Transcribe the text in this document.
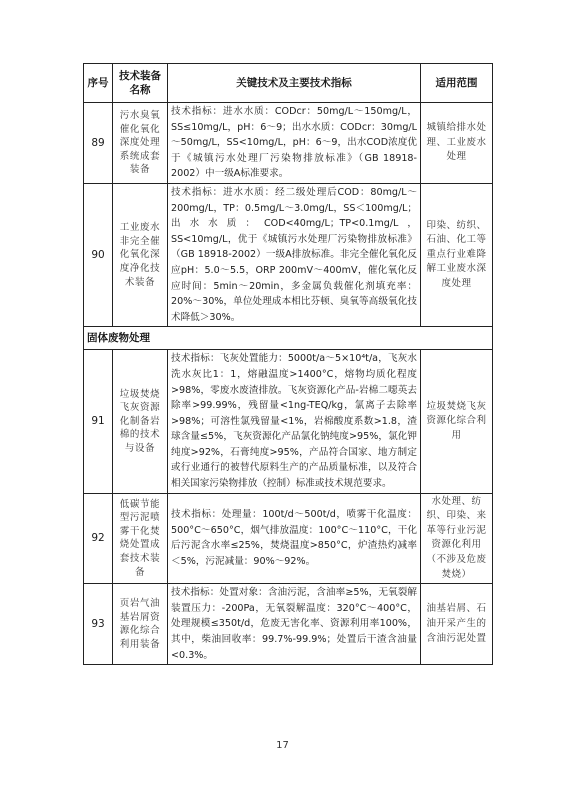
序号	技术装备名称	关键技术及主要技术指标	适用范围
89	污水臭氧催化氧化深度处理系统成套装备	技术指标：进水水质：CODcr：50mg/L～150mg/L，SS≤10mg/L，pH：6～9；出水水质：CODcr：30mg/L～50mg/L，SS<10mg/L，pH：6～9，出水COD浓度优于《城镇污水处理厂污染物排放标准》（GB 18918-2002）中一级A标准要求。	城镇给排水处理、工业废水处理
90	工业废水非完全催化氧化深度净化技术装备	技术指标：进水水质：经二级处理后COD：80mg/L～200mg/L，TP：0.5mg/L～3.0mg/L，SS＜100mg/L；出水水质：COD<40mg/L；TP<0.1mg/L，SS<10mg/L，优于《城镇污水处理厂污染物排放标准》（GB 18918-2002）一级A排放标准。非完全催化氧化反应pH：5.0～5.5，ORP 200mV～400mV，催化氧化反应时间：5min～20min，多金属负载催化剂填充率：20%～30%，单位处理成本相比芬顿、臭氧等高级氧化技术降低＞30%。	印染、纺织、石油、化工等重点行业难降解工业废水深度处理
固体废物处理			
91	垃圾焚烧飞灰资源化制备岩棉的技术与设备	技术指标：飞灰处置能力：5000t/a～5×10⁴t/a，飞灰水洗水灰比1：1，熔融温度>1400°C，熔物均质化程度>98%，零废水废渣排放。飞灰资源化产品-岩棉二噁英去除率>99.99%，残留量<1ng-TEQ/kg，氯离子去除率>98%；可溶性氯残留量<1%，岩棉酸度系数>1.8，渣球含量≤5%，飞灰资源化产品氯化钠纯度>95%，氯化钾纯度>92%，石膏纯度>95%，产品符合国家、地方制定或行业通行的被替代原料生产的产品质量标准，以及符合相关国家污染物排放（控制）标准或技术规范要求。	垃圾焚烧飞灰资源化综合利用
92	低碳节能型污泥喷雾干化焚烧处置成套技术装备	技术指标：处理量：100t/d～500t/d，喷雾干化温度：500°C～650°C，烟气排放温度：100°C～110°C，干化后污泥含水率≤25%，焚烧温度>850°C，炉渣热灼减率＜5%，污泥减量：90%～92%。	水处理、纺织、印染、来革等行业污泥资源化利用（不涉及危废焚烧）
93	页岩气油基岩屑资源化综合利用装备	技术指标：处置对象：含油污泥，含油率≥5%，无氧裂解装置压力：-200Pa，无氧裂解温度：320°C～400°C，处理规模≤350t/d，危废无害化率、资源利用率100%，其中，柴油回收率：99.7%-99.9%；处置后干渣含油量<0.3%。	油基岩屑、石油开采产生的含油污泥处置
17
